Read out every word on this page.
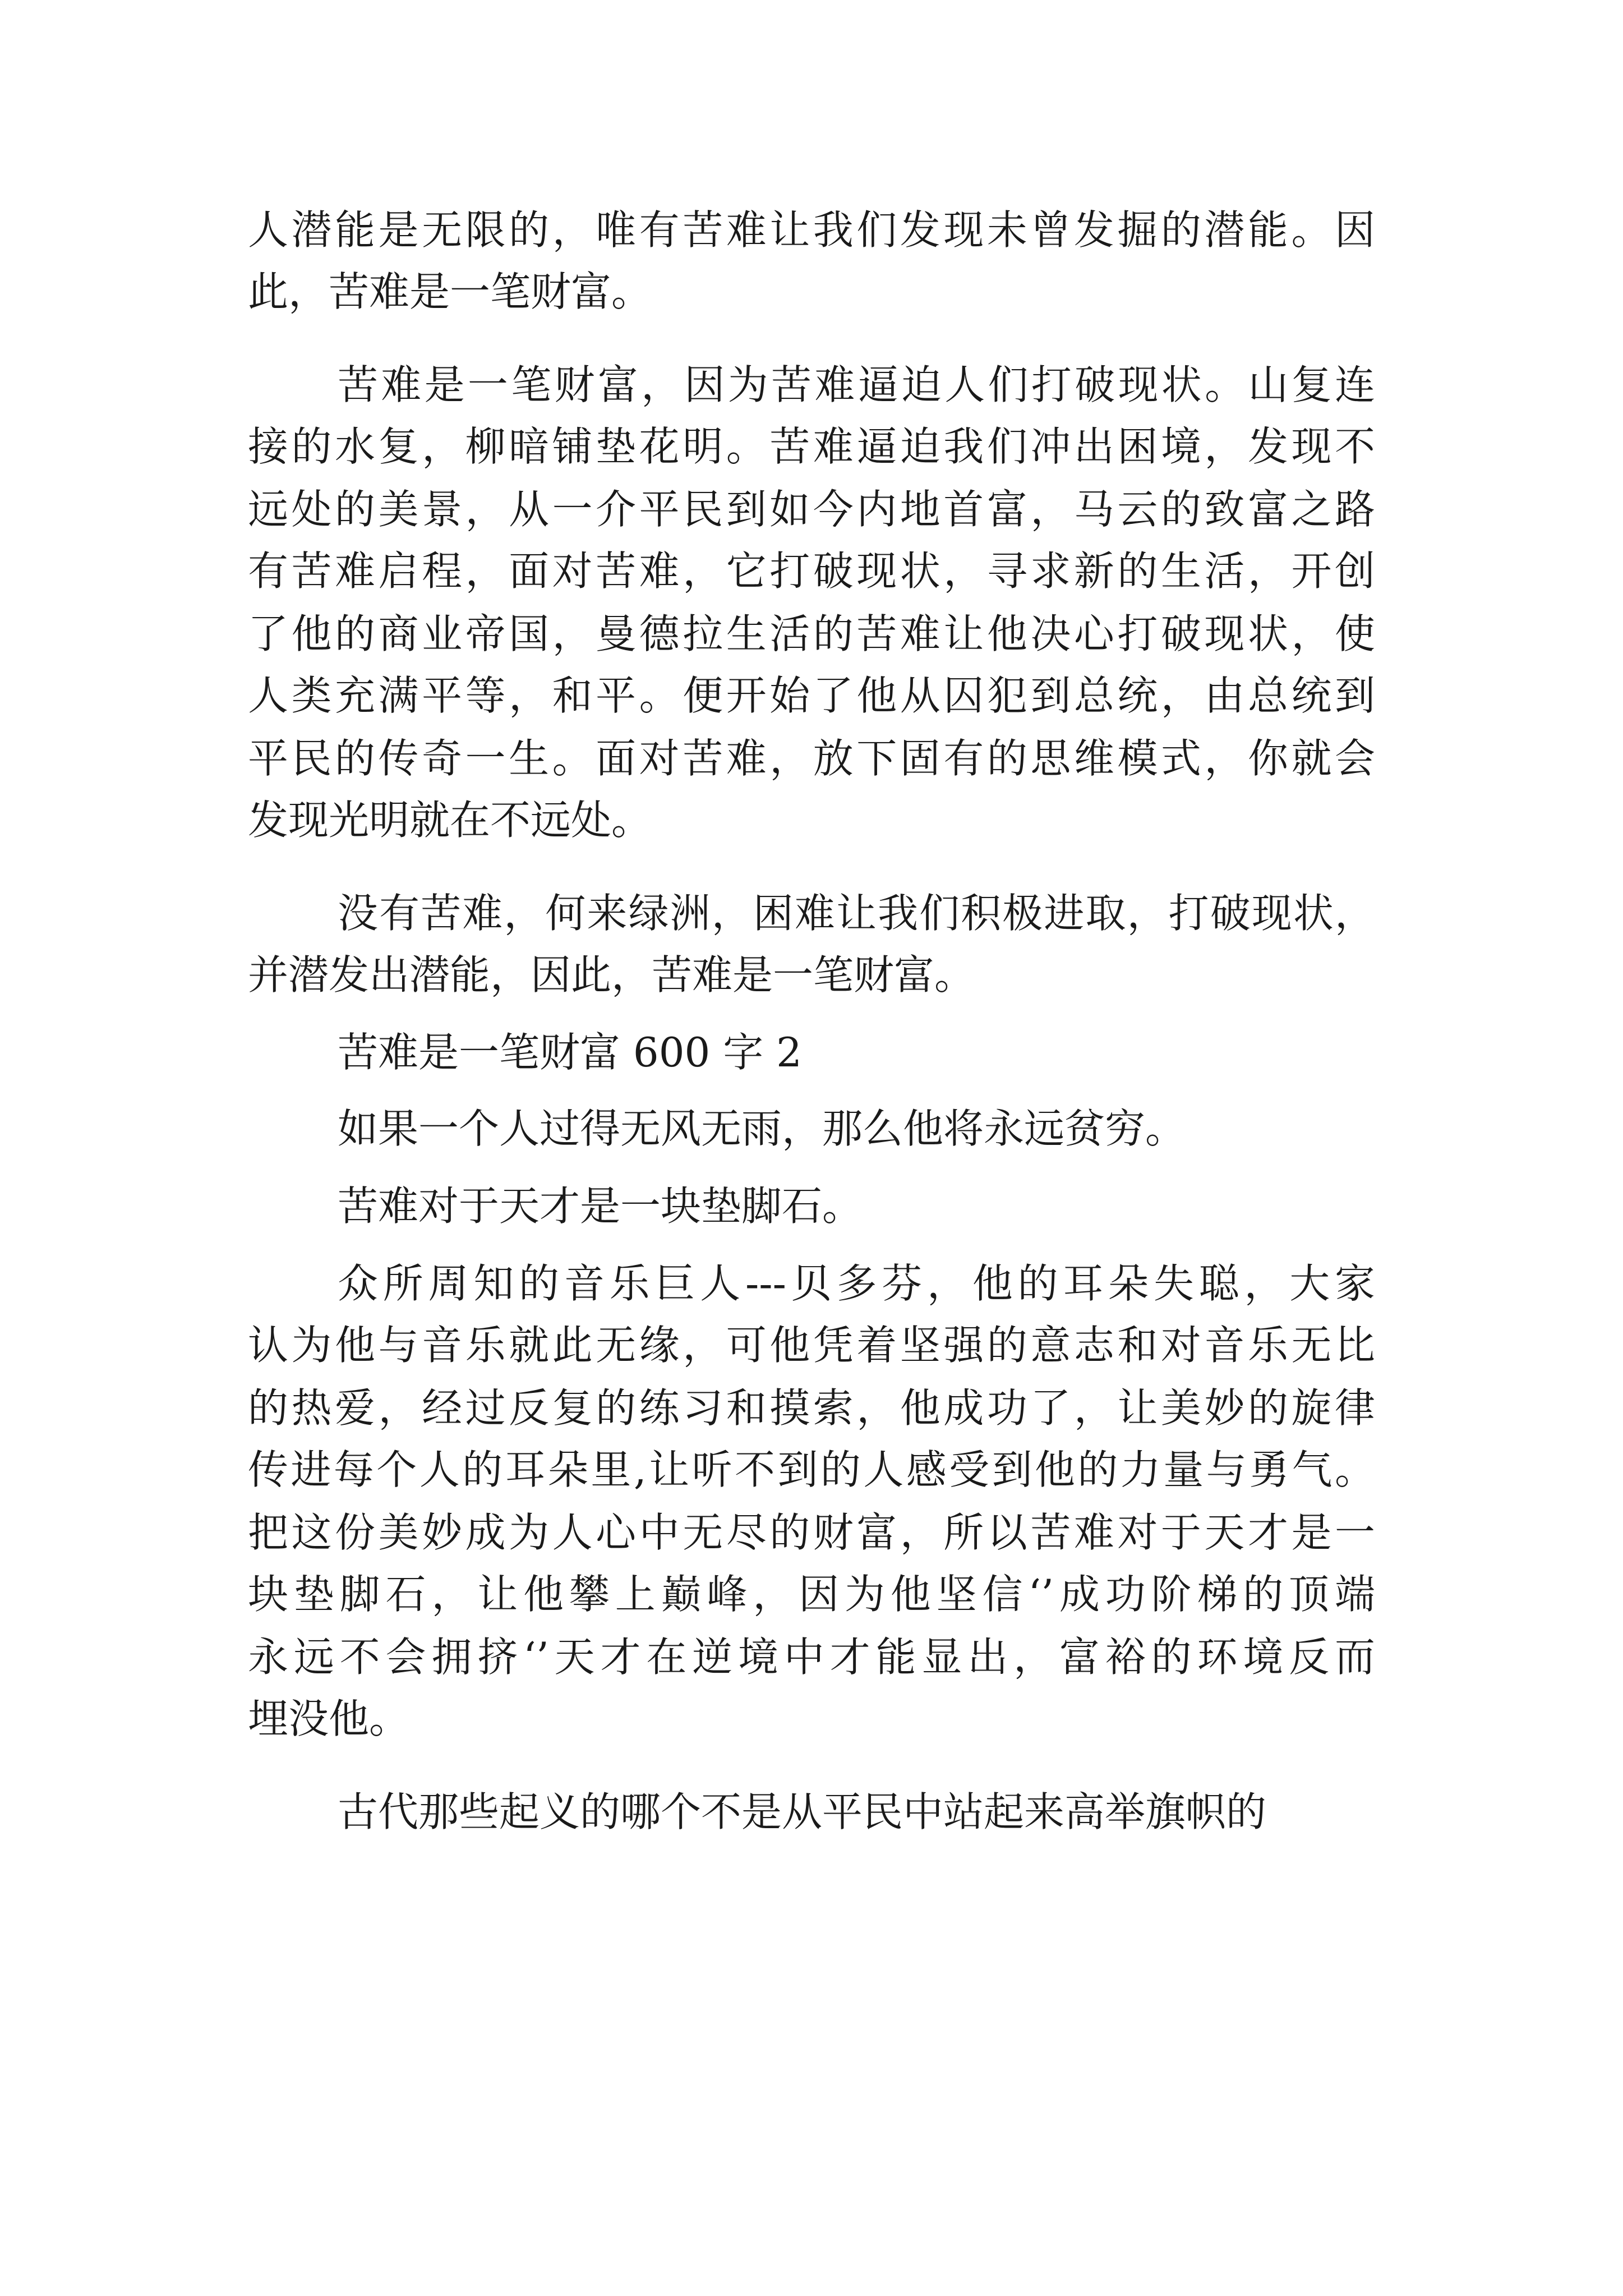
人潜能是无限的，唯有苦难让我们发现未曾发掘的潜能。因
此，苦难是一笔财富。
苦难是一笔财富，因为苦难逼迫人们打破现状。山复连
接的水复，柳暗铺垫花明。苦难逼迫我们冲出困境，发现不
远处的美景，从一介平民到如今内地首富，马云的致富之路
有苦难启程，面对苦难，它打破现状，寻求新的生活，开创
了他的商业帝国，曼德拉生活的苦难让他决心打破现状，使
人类充满平等，和平。便开始了他从囚犯到总统，由总统到
平民的传奇一生。面对苦难，放下固有的思维模式，你就会
发现光明就在不远处。
没有苦难，何来绿洲，困难让我们积极进取，打破现状，
并潜发出潜能，因此，苦难是一笔财富。
苦难是一笔财富 600 字 2
如果一个人过得无风无雨，那么他将永远贫穷。
苦难对于天才是一块垫脚石。
众所周知的音乐巨人---贝多芬，他的耳朵失聪，大家
认为他与音乐就此无缘，可他凭着坚强的意志和对音乐无比
的热爱，经过反复的练习和摸索，他成功了，让美妙的旋律
传进每个人的耳朵里,让听不到的人感受到他的力量与勇气。
把这份美妙成为人心中无尽的财富，所以苦难对于天才是一
块垫脚石，让他攀上巅峰，因为他坚信‘’成功阶梯的顶端
永远不会拥挤‘’天才在逆境中才能显出，富裕的环境反而
埋没他。
古代那些起义的哪个不是从平民中站起来高举旗帜的
